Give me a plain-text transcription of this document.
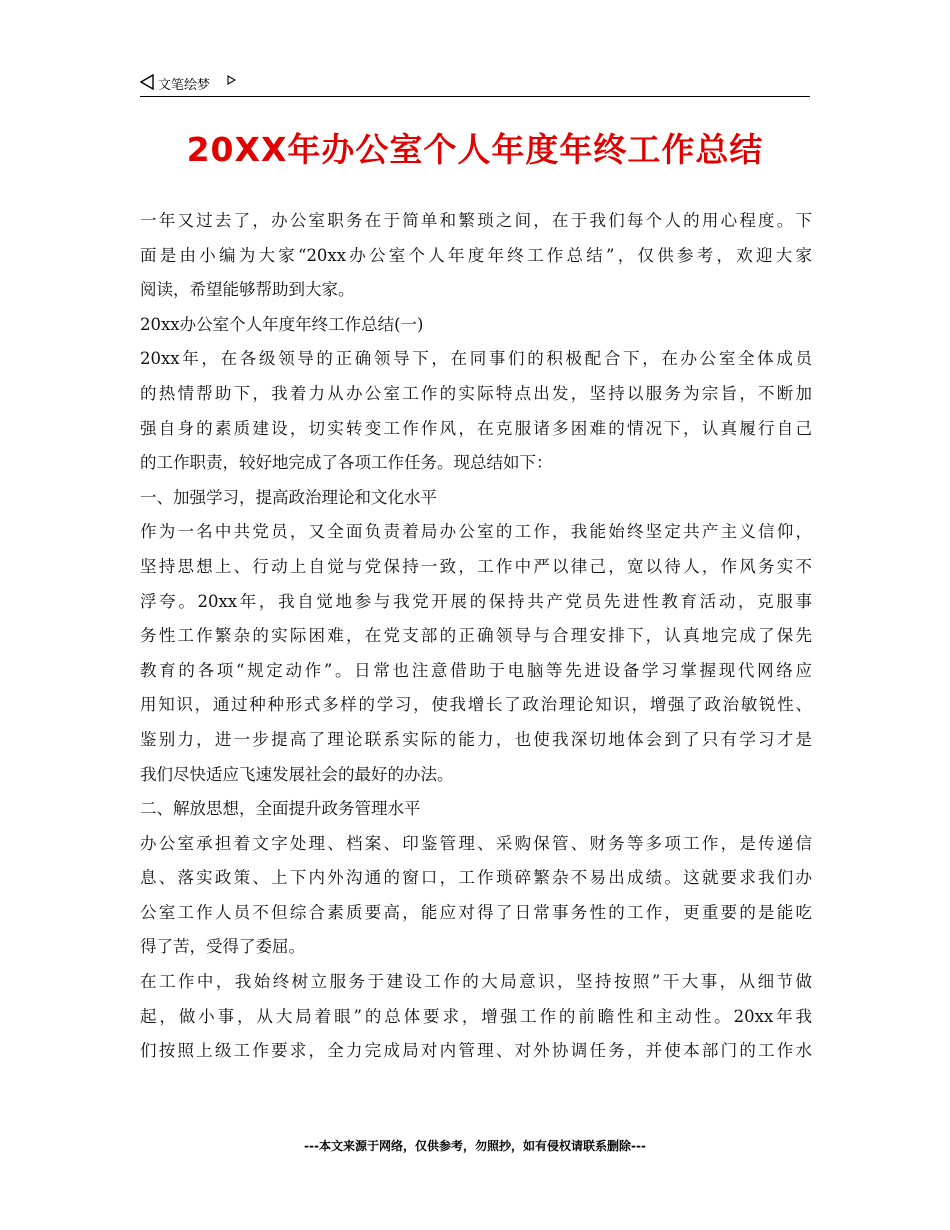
文笔绘梦
20XX年办公室个人年度年终工作总结
一年又过去了，办公室职务在于简单和繁琐之间，在于我们每个人的用心程度。下
面是由小编为大家“20xx办公室个人年度年终工作总结”，仅供参考，欢迎大家
阅读，希望能够帮助到大家。
20xx办公室个人年度年终工作总结(一)
20xx年，在各级领导的正确领导下，在同事们的积极配合下，在办公室全体成员
的热情帮助下，我着力从办公室工作的实际特点出发，坚持以服务为宗旨，不断加
强自身的素质建设，切实转变工作作风，在克服诸多困难的情况下，认真履行自己
的工作职责，较好地完成了各项工作任务。现总结如下：
一、加强学习，提高政治理论和文化水平
作为一名中共党员，又全面负责着局办公室的工作，我能始终坚定共产主义信仰，
坚持思想上、行动上自觉与党保持一致，工作中严以律己，宽以待人，作风务实不
浮夸。20xx年，我自觉地参与我党开展的保持共产党员先进性教育活动，克服事
务性工作繁杂的实际困难，在党支部的正确领导与合理安排下，认真地完成了保先
教育的各项“规定动作”。日常也注意借助于电脑等先进设备学习掌握现代网络应
用知识，通过种种形式多样的学习，使我增长了政治理论知识，增强了政治敏锐性、
鉴别力，进一步提高了理论联系实际的能力，也使我深切地体会到了只有学习才是
我们尽快适应飞速发展社会的最好的办法。
二、解放思想，全面提升政务管理水平
办公室承担着文字处理、档案、印鉴管理、采购保管、财务等多项工作，是传递信
息、落实政策、上下内外沟通的窗口，工作琐碎繁杂不易出成绩。这就要求我们办
公室工作人员不但综合素质要高，能应对得了日常事务性的工作，更重要的是能吃
得了苦，受得了委屈。
在工作中，我始终树立服务于建设工作的大局意识，坚持按照”干大事，从细节做
起，做小事，从大局着眼”的总体要求，增强工作的前瞻性和主动性。20xx年我
们按照上级工作要求，全力完成局对内管理、对外协调任务，并使本部门的工作水
---本文来源于网络，仅供参考，勿照抄，如有侵权请联系删除---
